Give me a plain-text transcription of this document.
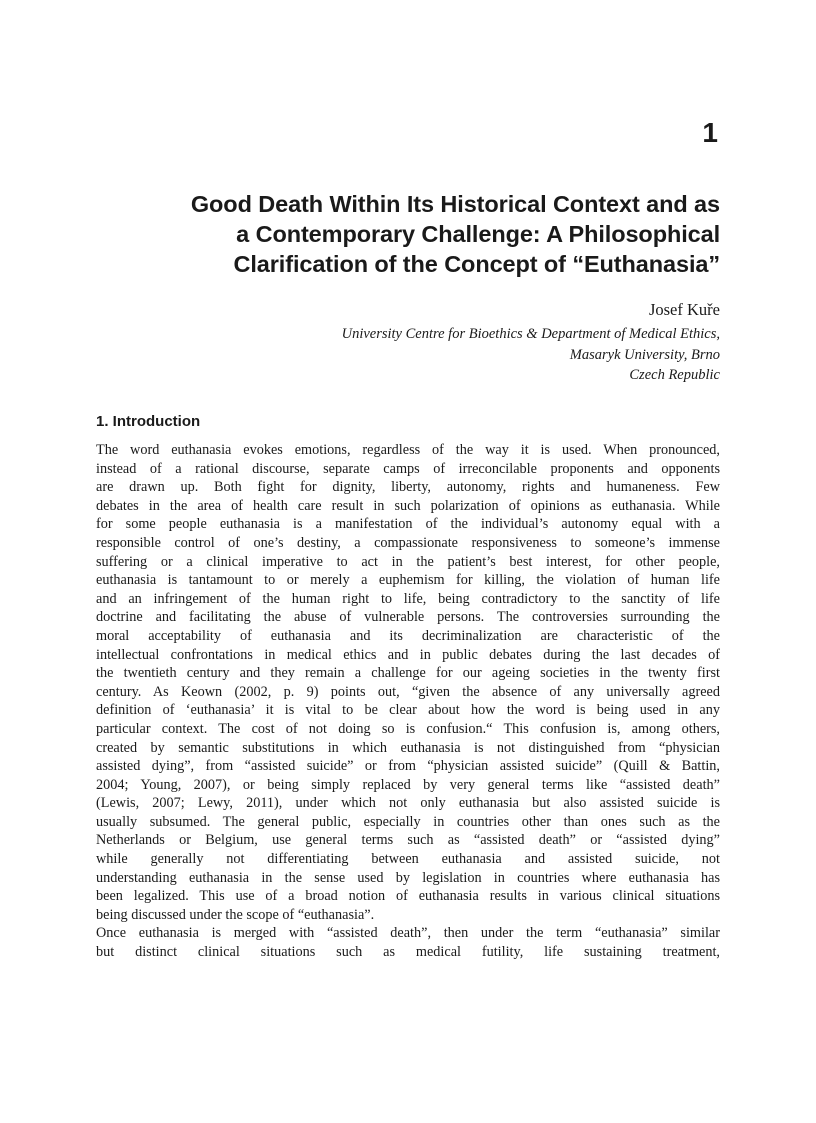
1
Good Death Within Its Historical Context and as
a Contemporary Challenge: A Philosophical
Clarification of the Concept of “Euthanasia”
Josef Kuře
University Centre for Bioethics & Department of Medical Ethics,
Masaryk University, Brno
Czech Republic
1. Introduction
The word euthanasia evokes emotions, regardless of the way it is used. When pronounced,
instead of a rational discourse, separate camps of irreconcilable proponents and opponents
are drawn up. Both fight for dignity, liberty, autonomy, rights and humaneness. Few
debates in the area of health care result in such polarization of opinions as euthanasia. While
for some people euthanasia is a manifestation of the individual’s autonomy equal with a
responsible control of one’s destiny, a compassionate responsiveness to someone’s immense
suffering or a clinical imperative to act in the patient’s best interest, for other people,
euthanasia is tantamount to or merely a euphemism for killing, the violation of human life
and an infringement of the human right to life, being contradictory to the sanctity of life
doctrine and facilitating the abuse of vulnerable persons. The controversies surrounding the
moral acceptability of euthanasia and its decriminalization are characteristic of the
intellectual confrontations in medical ethics and in public debates during the last decades of
the twentieth century and they remain a challenge for our ageing societies in the twenty first
century. As Keown (2002, p. 9) points out, “given the absence of any universally agreed
definition of ‘euthanasia’ it is vital to be clear about how the word is being used in any
particular context. The cost of not doing so is confusion.“ This confusion is, among others,
created by semantic substitutions in which euthanasia is not distinguished from “physician
assisted dying”, from “assisted suicide” or from “physician assisted suicide” (Quill & Battin,
2004; Young, 2007), or being simply replaced by very general terms like “assisted death”
(Lewis, 2007; Lewy, 2011), under which not only euthanasia but also assisted suicide is
usually subsumed. The general public, especially in countries other than ones such as the
Netherlands or Belgium, use general terms such as “assisted death” or “assisted dying”
while generally not differentiating between euthanasia and assisted suicide, not
understanding euthanasia in the sense used by legislation in countries where euthanasia has
been legalized. This use of a broad notion of euthanasia results in various clinical situations
being discussed under the scope of “euthanasia”.
Once euthanasia is merged with “assisted death”, then under the term “euthanasia” similar
but distinct clinical situations such as medical futility, life sustaining treatment,
